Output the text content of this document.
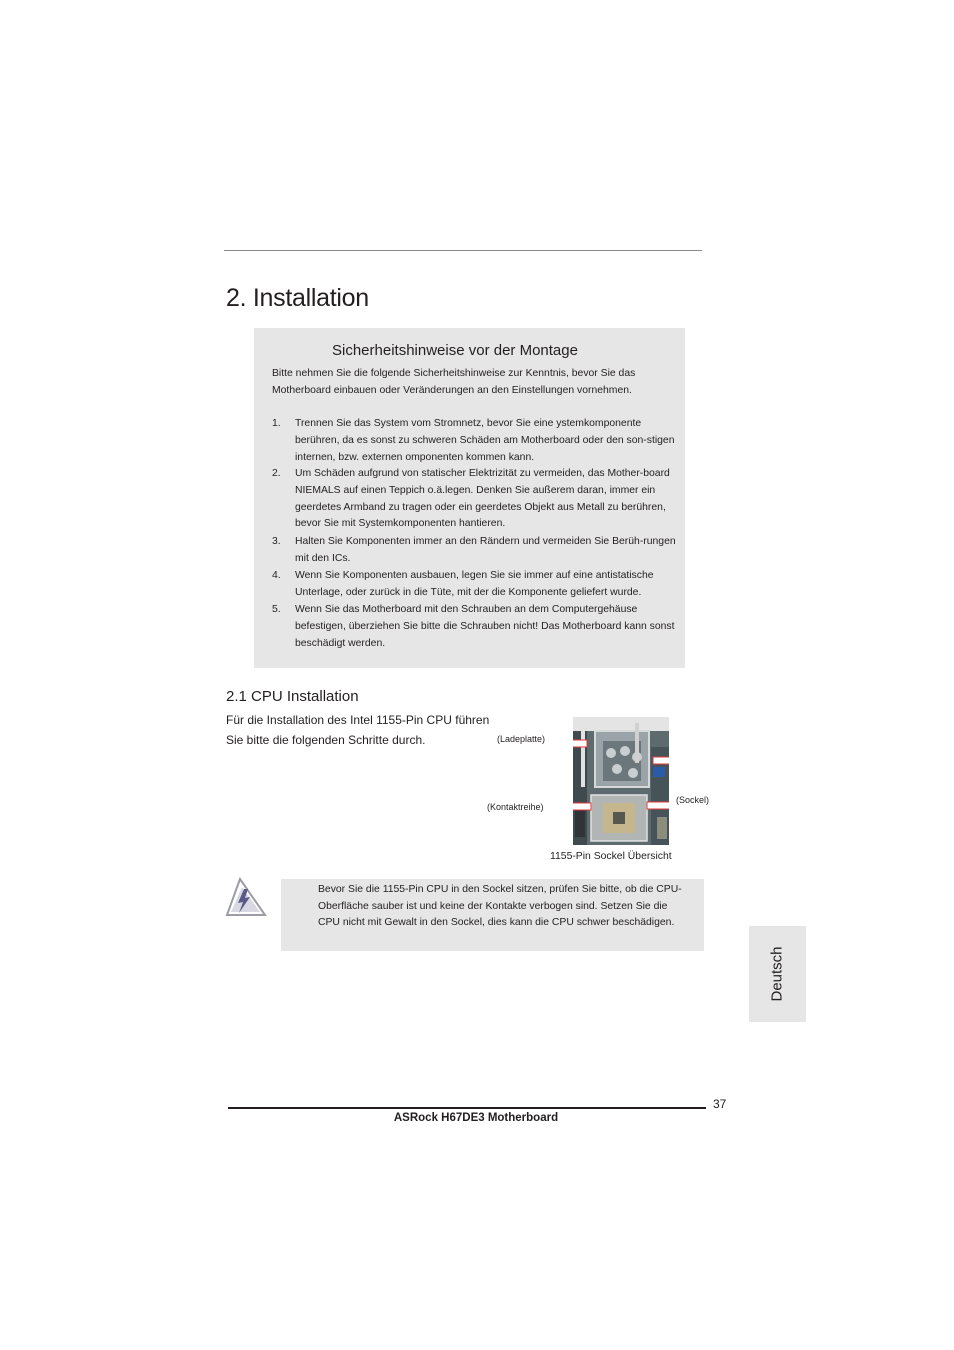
2. Installation
Sicherheitshinweise vor der Montage
Bitte nehmen Sie die folgende Sicherheitshinweise zur Kenntnis, bevor Sie das Motherboard einbauen oder Veränderungen an den Einstellungen vornehmen.
1. Trennen Sie das System vom Stromnetz, bevor Sie eine ystemkomponente berühren, da es sonst zu schweren Schäden am Motherboard oder den son-stigen internen, bzw. externen omponenten kommen kann.
2. Um Schäden aufgrund von statischer Elektrizität zu vermeiden, das Mother-board NIEMALS auf einen Teppich o.ä.legen. Denken Sie außerem daran, immer ein geerdetes Armband zu tragen oder ein geerdetes Objekt aus Metall zu berühren, bevor Sie mit Systemkomponenten hantieren.
3. Halten Sie Komponenten immer an den Rändern und vermeiden Sie Berüh-rungen mit den ICs.
4. Wenn Sie Komponenten ausbauen, legen Sie sie immer auf eine antistatische Unterlage, oder zurück in die Tüte, mit der die Komponente geliefert wurde.
5. Wenn Sie das Motherboard mit den Schrauben an dem Computergehäuse befestigen, überziehen Sie bitte die Schrauben nicht! Das Motherboard kann sonst beschädigt werden.
2.1 CPU Installation
Für die Installation des Intel 1155-Pin CPU führen Sie bitte die folgenden Schritte durch.	(Ladeplatte)
(Kontaktreihe)
(Sockel)
1155-Pin Sockel Übersicht
Bevor Sie die 1155-Pin CPU in den Sockel sitzen, prüfen Sie bitte, ob die CPU-Oberfläche sauber ist und keine der Kontakte verbogen sind. Setzen Sie die CPU nicht mit Gewalt in den Sockel, dies kann die CPU schwer beschädigen.
Deutsch
37
ASRock H67DE3 Motherboard
